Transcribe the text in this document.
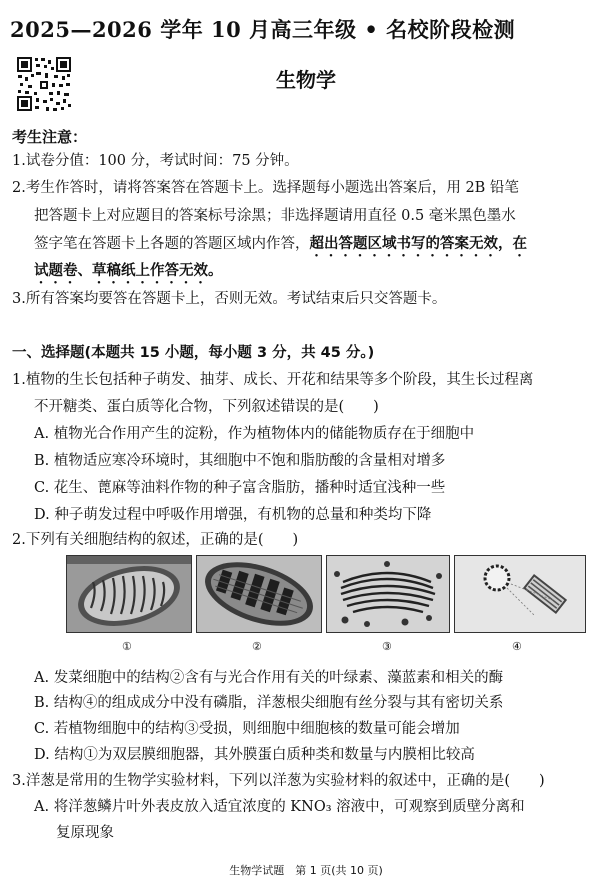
2025—2026 学年 10 月高三年级 • 名校阶段检测
生物学
考生注意：
1.试卷分值：100 分，考试时间：75 分钟。
2.考生作答时，请将答案答在答题卡上。选择题每小题选出答案后，用 2B 铅笔
把答题卡上对应题目的答案标号涂黑；非选择题请用直径 0.5 毫米黑色墨水
签字笔在答题卡上各题的答题区域内作答，超出答题区域书写的答案无效，在
试题卷、草稿纸上作答无效。
3.所有答案均要答在答题卡上，否则无效。考试结束后只交答题卡。
一、选择题(本题共 15 小题，每小题 3 分，共 45 分。)
1.植物的生长包括种子萌发、抽芽、成长、开花和结果等多个阶段，其生长过程离
不开糖类、蛋白质等化合物，下列叙述错误的是(　　)
A. 植物光合作用产生的淀粉，作为植物体内的储能物质存在于细胞中
B. 植物适应寒冷环境时，其细胞中不饱和脂肪酸的含量相对增多
C. 花生、蓖麻等油料作物的种子富含脂肪，播种时适宜浅种一些
D. 种子萌发过程中呼吸作用增强，有机物的总量和种类均下降
2.下列有关细胞结构的叙述，正确的是(　　)
①	②	③	④
A. 发菜细胞中的结构②含有与光合作用有关的叶绿素、藻蓝素和相关的酶
B. 结构④的组成成分中没有磷脂，洋葱根尖细胞有丝分裂与其有密切关系
C. 若植物细胞中的结构③受损，则细胞中细胞核的数量可能会增加
D. 结构①为双层膜细胞器，其外膜蛋白质种类和数量与内膜相比较高
3.洋葱是常用的生物学实验材料，下列以洋葱为实验材料的叙述中，正确的是(　　)
A. 将洋葱鳞片叶外表皮放入适宜浓度的 KNO₃ 溶液中，可观察到质壁分离和
复原现象
生物学试题　第 1 页(共 10 页)
